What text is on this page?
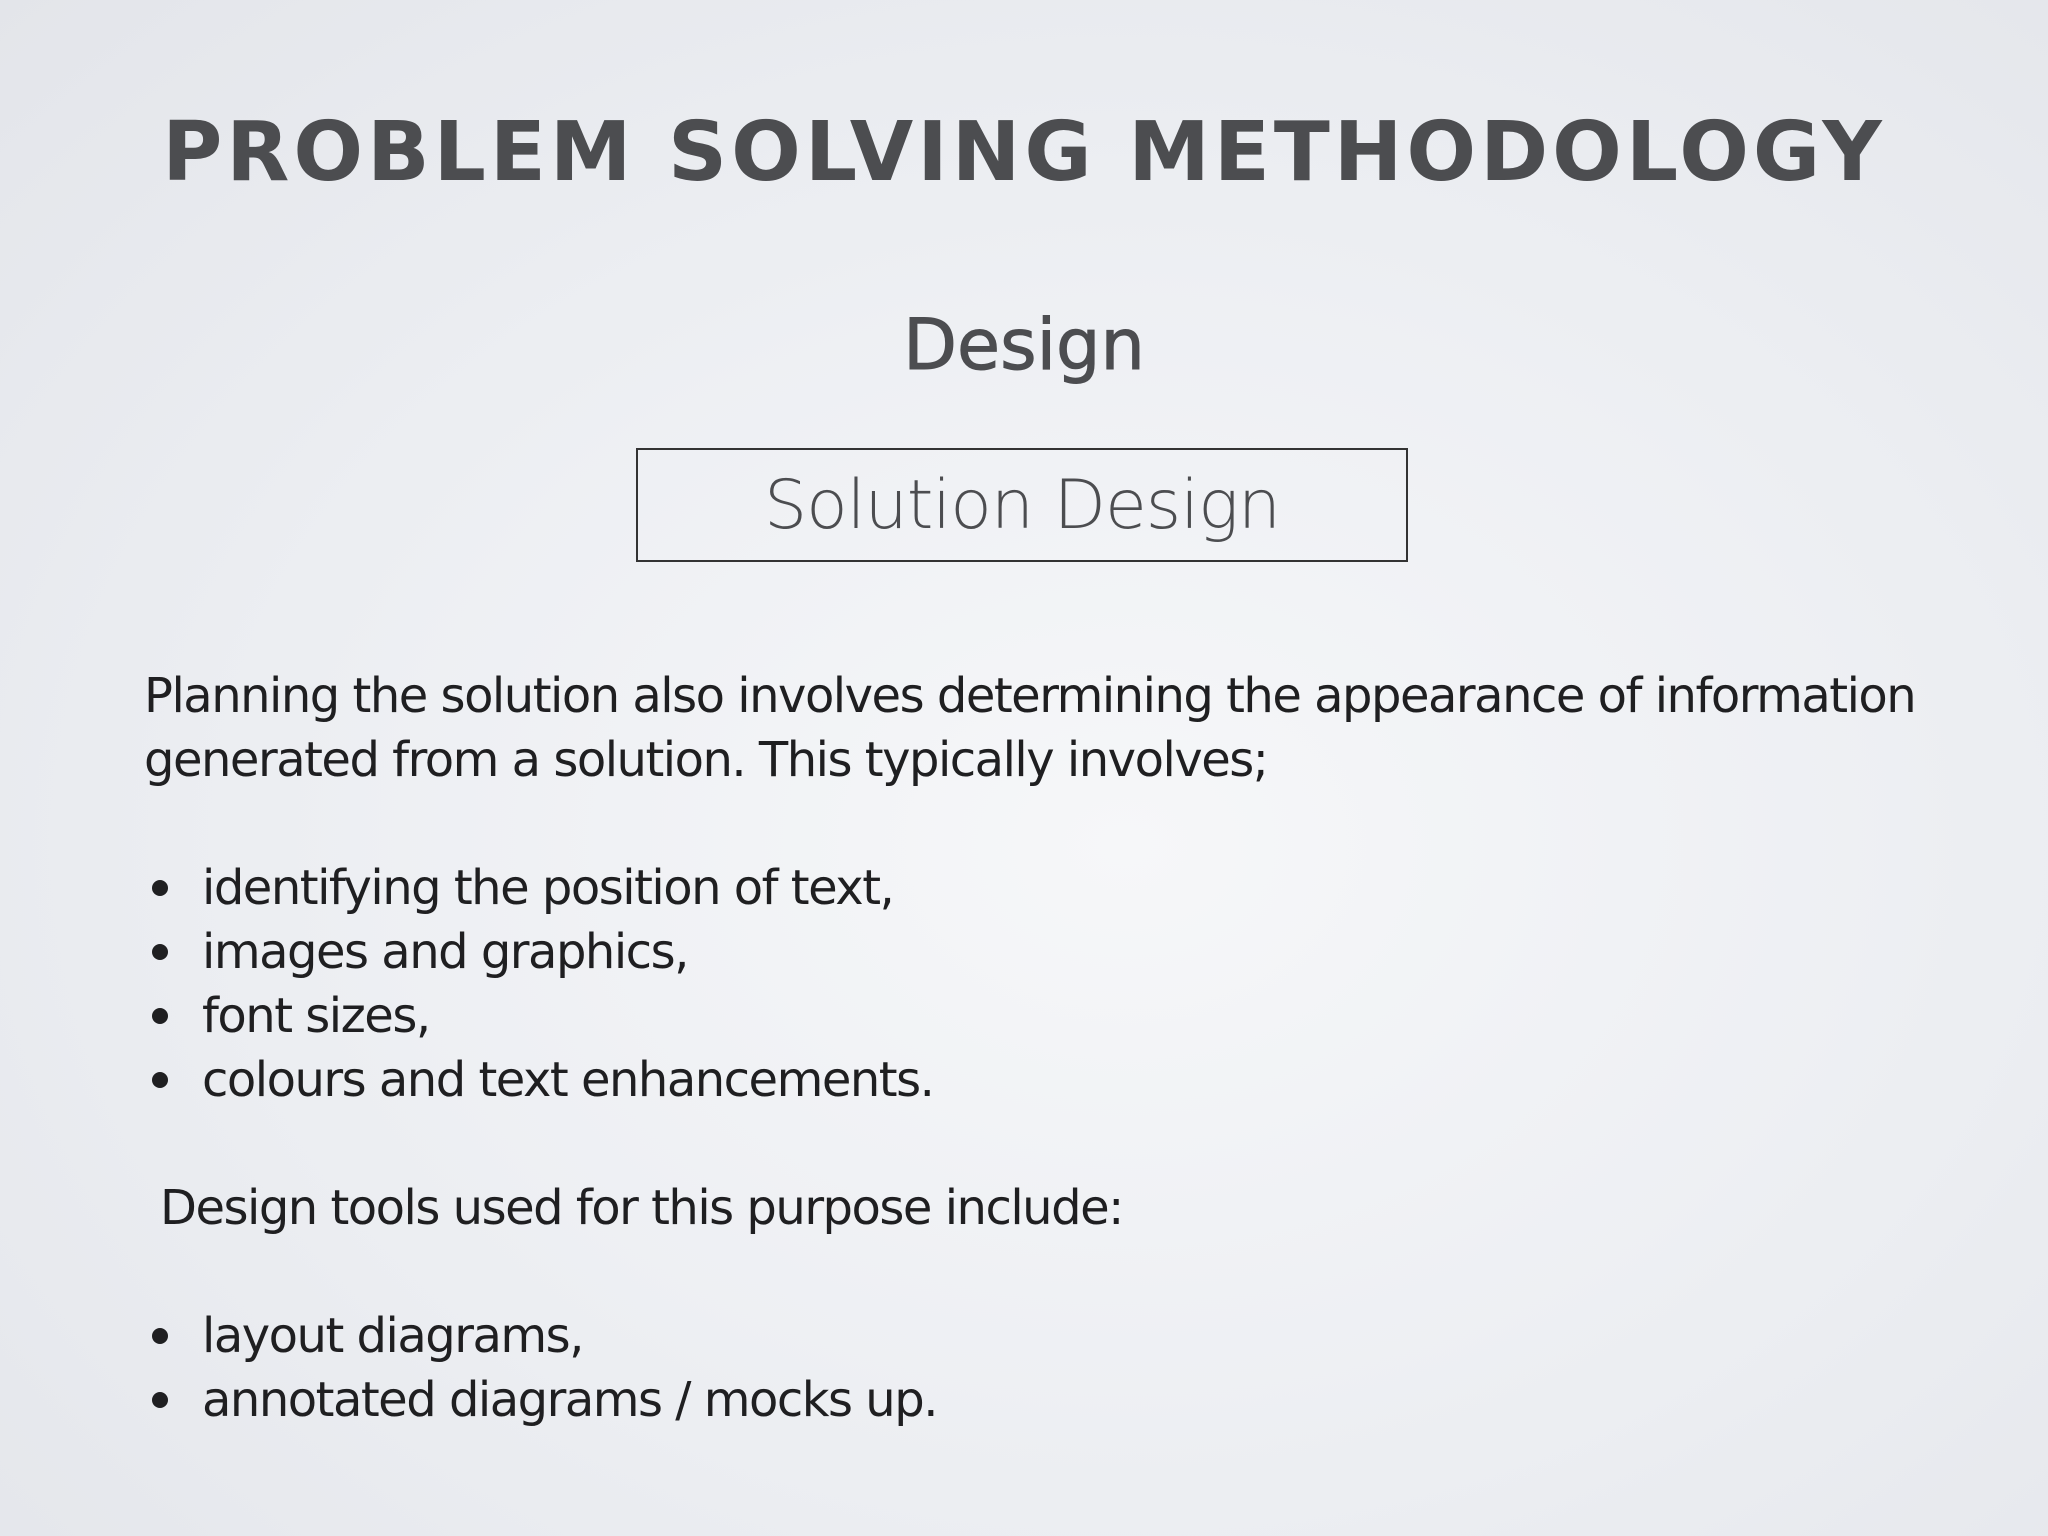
PROBLEM SOLVING METHODOLOGY
Design
Solution Design

Planning the solution also involves determining the appearance of information generated from a solution. This typically involves;

identifying the position of text,
images and graphics,
font sizes,
colours and text enhancements.

Design tools used for this purpose include:

layout diagrams,
annotated diagrams / mocks up.
